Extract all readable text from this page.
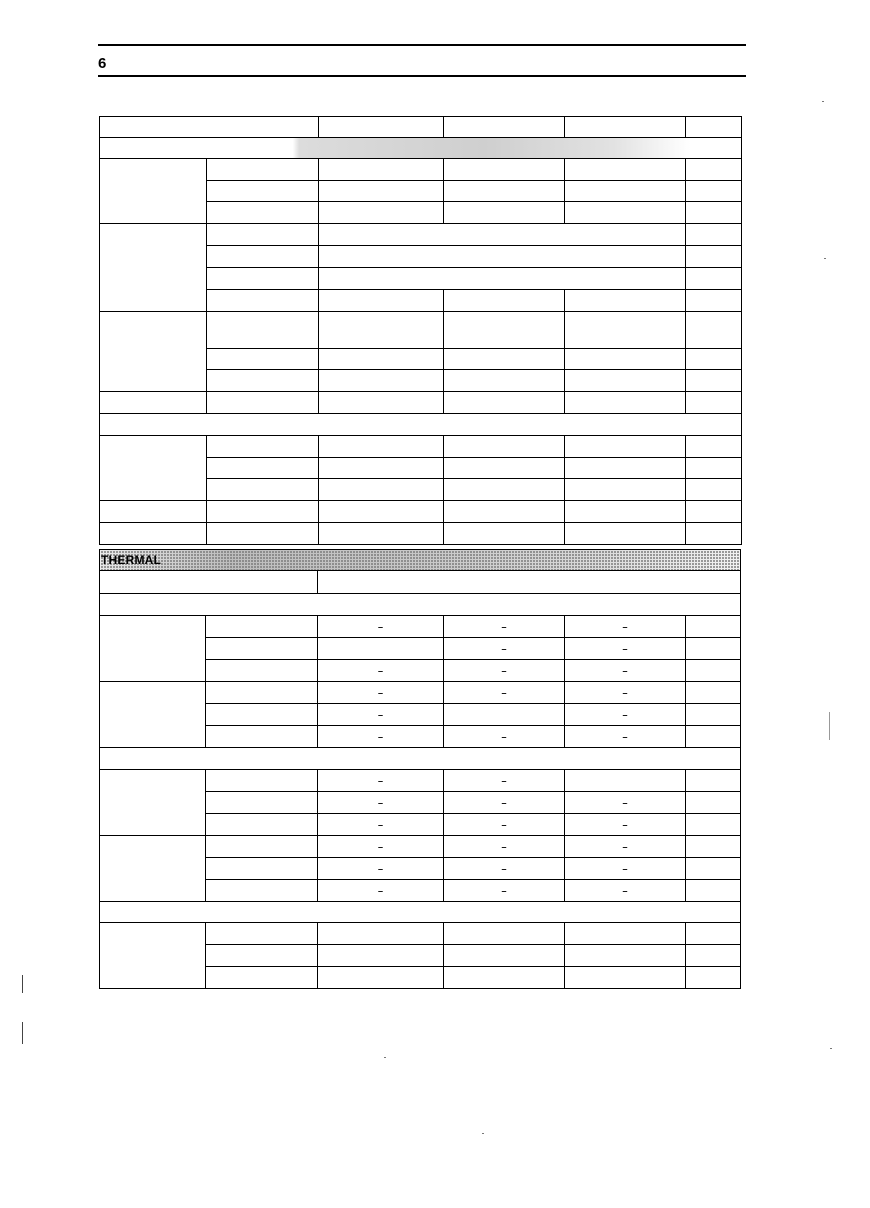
6

THERMAL					

		–	–	–	

			–	–	

		–	–	–	

		–	–	–	

		–		–	

		–	–	–	

		–	–		

		–	–	–	

		–	–	–	

		–	–	–	

		–	–	–	

		–	–	–	
